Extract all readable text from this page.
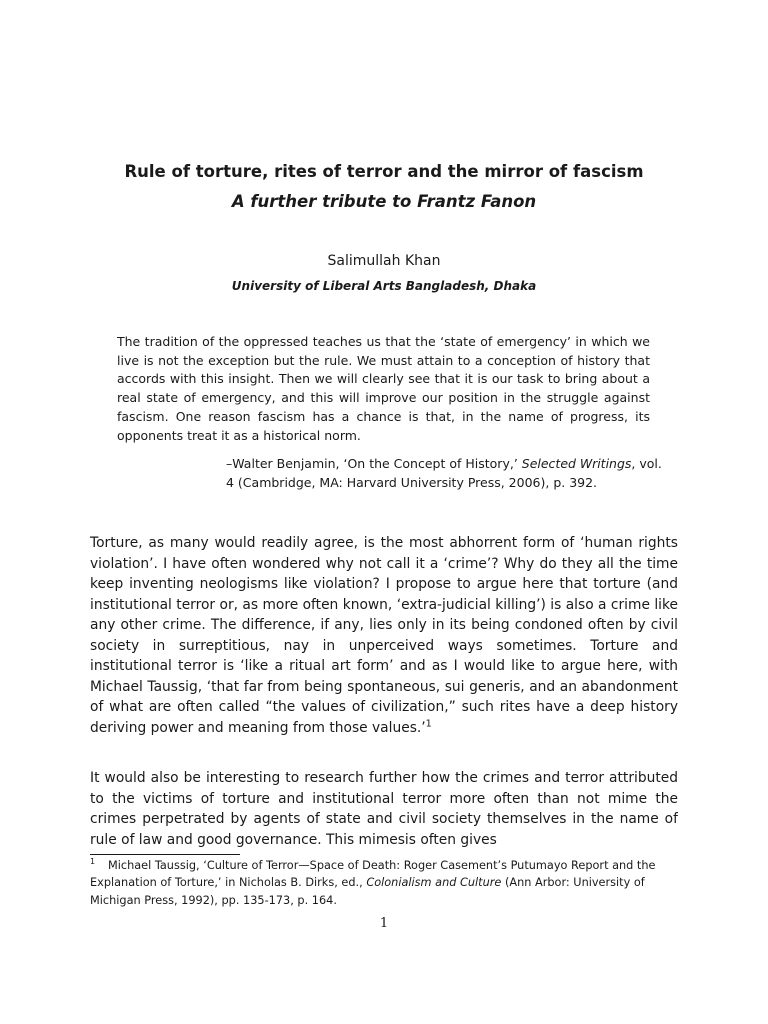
Rule of torture, rites of terror and the mirror of fascism
A further tribute to Frantz Fanon

Salimullah Khan

University of Liberal Arts Bangladesh, Dhaka

The tradition of the oppressed teaches us that the ‘state of emergency’ in which we live is not the exception but the rule. We must attain to a conception of history that accords with this insight. Then we will clearly see that it is our task to bring about a real state of emergency, and this will improve our position in the struggle against fascism. One reason fascism has a chance is that, in the name of progress, its opponents treat it as a historical norm.

–Walter Benjamin, ‘On the Concept of History,’ Selected Writings, vol. 4 (Cambridge, MA: Harvard University Press, 2006), p. 392.

Torture, as many would readily agree, is the most abhorrent form of ‘human rights violation’. I have often wondered why not call it a ‘crime’? Why do they all the time keep inventing neologisms like violation? I propose to argue here that torture (and institutional terror or, as more often known, ‘extra-judicial killing’) is also a crime like any other crime. The difference, if any, lies only in its being condoned often by civil society in surreptitious, nay in unperceived ways sometimes. Torture and institutional terror is ‘like a ritual art form’ and as I would like to argue here, with Michael Taussig, ‘that far from being spontaneous, sui generis, and an abandonment of what are often called “the values of civilization,” such rites have a deep history deriving power and meaning from those values.’$^1$

It would also be interesting to research further how the crimes and terror attributed to the victims of torture and institutional terror more often than not mime the crimes perpetrated by agents of state and civil society themselves in the name of rule of law and good governance. This mimesis often gives

$^1$ Michael Taussig, ‘Culture of Terror—Space of Death: Roger Casement’s Putumayo Report and the Explanation of Torture,’ in Nicholas B. Dirks, ed., Colonialism and Culture (Ann Arbor: University of Michigan Press, 1992), pp. 135-173, p. 164.

1
